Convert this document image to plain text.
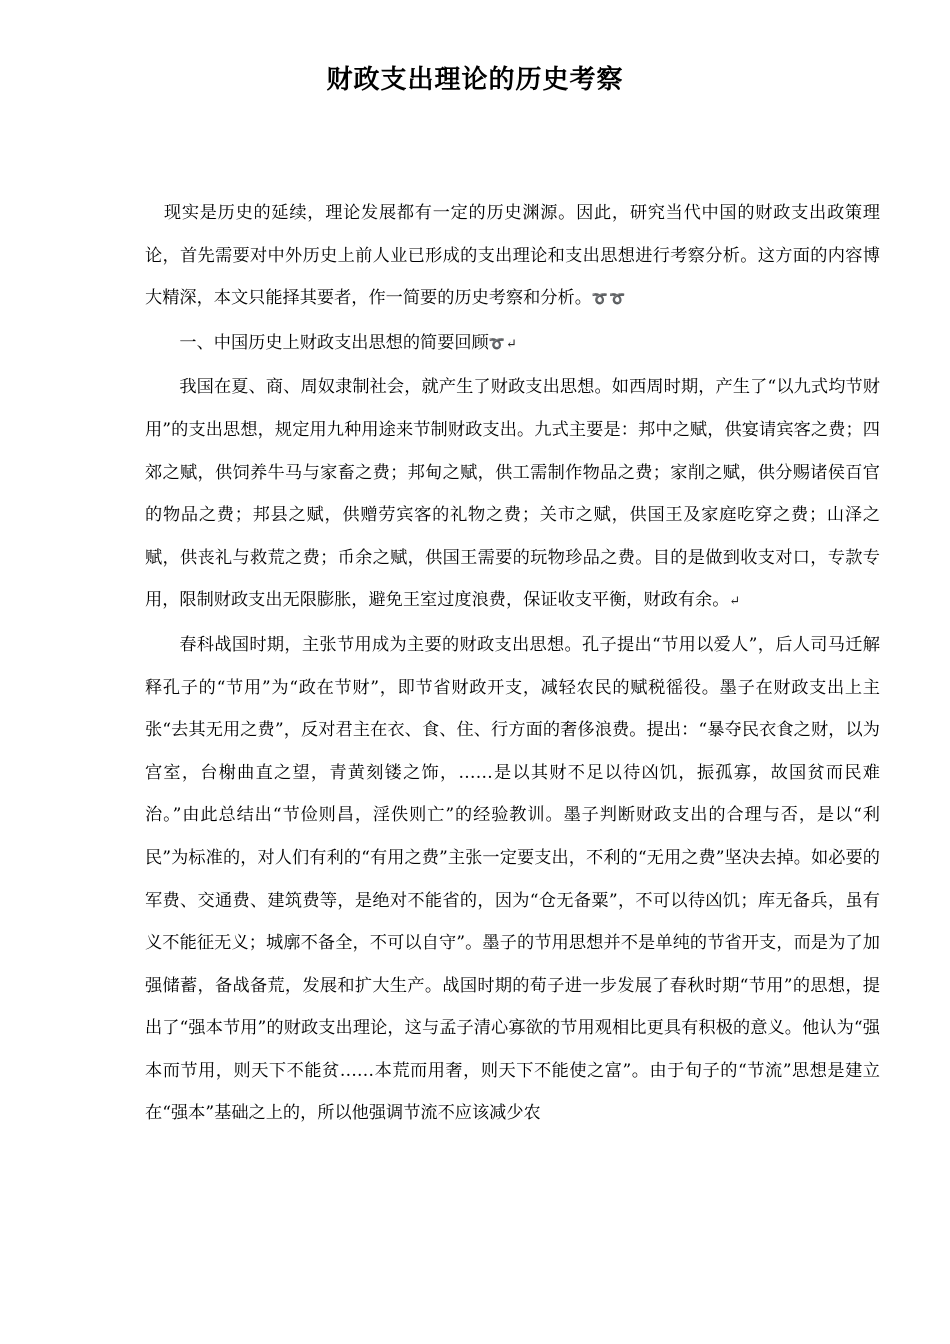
财政支出理论的历史考察

现实是历史的延续，理论发展都有一定的历史渊源。因此，研究当代中国的财政支出政策理论，首先需要对中外历史上前人业已形成的支出理论和支出思想进行考察分析。这方面的内容博大精深，本文只能择其要者，作一简要的历史考察和分析。➰➰

一、中国历史上财政支出思想的简要回顾➰↵

我国在夏、商、周奴隶制社会，就产生了财政支出思想。如西周时期，产生了“以九式均节财用”的支出思想，规定用九种用途来节制财政支出。九式主要是：邦中之赋，供宴请宾客之费；四郊之赋，供饲养牛马与家畜之费；邦甸之赋，供工需制作物品之费；家削之赋，供分赐诸侯百官的物品之费；邦县之赋，供赠劳宾客的礼物之费；关市之赋，供国王及家庭吃穿之费；山泽之赋，供丧礼与救荒之费；币余之赋，供国王需要的玩物珍品之费。目的是做到收支对口，专款专用，限制财政支出无限膨胀，避免王室过度浪费，保证收支平衡，财政有余。↵

春科战国时期，主张节用成为主要的财政支出思想。孔子提出“节用以爱人”，后人司马迁解释孔子的“节用”为“政在节财”，即节省财政开支，减轻农民的赋税徭役。墨子在财政支出上主张“去其无用之费”，反对君主在衣、食、住、行方面的奢侈浪费。提出：“暴夺民衣食之财，以为宫室，台榭曲直之望，青黄刻镂之饰，……是以其财不足以待凶饥，振孤寡，故国贫而民难治。”由此总结出“节俭则昌，淫佚则亡”的经验教训。墨子判断财政支出的合理与否，是以“利民”为标准的，对人们有利的“有用之费”主张一定要支出，不利的“无用之费”坚决去掉。如必要的军费、交通费、建筑费等，是绝对不能省的，因为“仓无备粟”，不可以待凶饥；库无备兵，虽有义不能征无义；城廓不备全，不可以自守”。墨子的节用思想并不是单纯的节省开支，而是为了加强储蓄，备战备荒，发展和扩大生产。战国时期的荀子进一步发展了春秋时期“节用”的思想，提出了“强本节用”的财政支出理论，这与孟子清心寡欲的节用观相比更具有积极的意义。他认为“强本而节用，则天下不能贫……本荒而用奢，则天下不能使之富”。由于旬子的“节流”思想是建立在“强本”基础之上的，所以他强调节流不应该减少农
